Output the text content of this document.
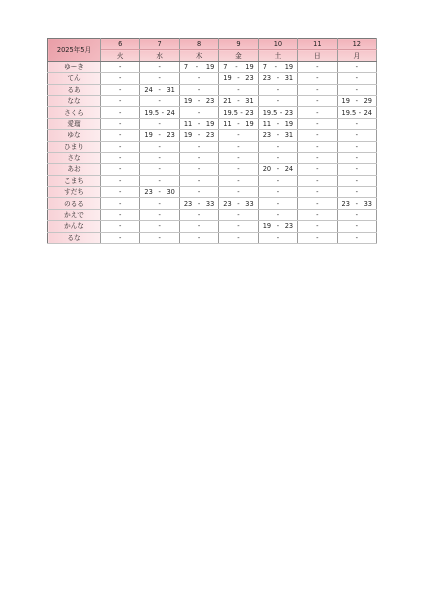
2025年5月	6	7	8	9	10	11	12
	火	水	木	金	土	日	月
ゆーき	-	-	7 - 19	7 - 19	7 - 19	-	-
てん	-	-	-	19 - 23	23 - 31	-	-
るあ	-	24 - 31	-	-	-	-	-
なな	-	-	19 - 23	21 - 31	-	-	19 - 29

さくら	-	19.5 - 24	-	19.5 - 23	19.5 - 23	-	19.5 - 24

愛瑠	-	-	11 - 19	11 - 19	11 - 19	-	-
ゆな	-	19 - 23	19 - 23	-	23 - 31	-	-
ひまり	-	-	-	-	-	-	-
さな	-	-	-	-	-	-	-
あお	-	-	-	-	20 - 24	-	-
こまち	-	-	-	-	-	-	-
すだち	-	23 - 30	-	-	-	-	-
のるる	-	-	23 - 33	23 - 33	-	-	23 - 33

かえで	-	-	-	-	-	-	-
かんな	-	-	-	-	19 - 23	-	-
るな	-	-	-	-	-	-	-
